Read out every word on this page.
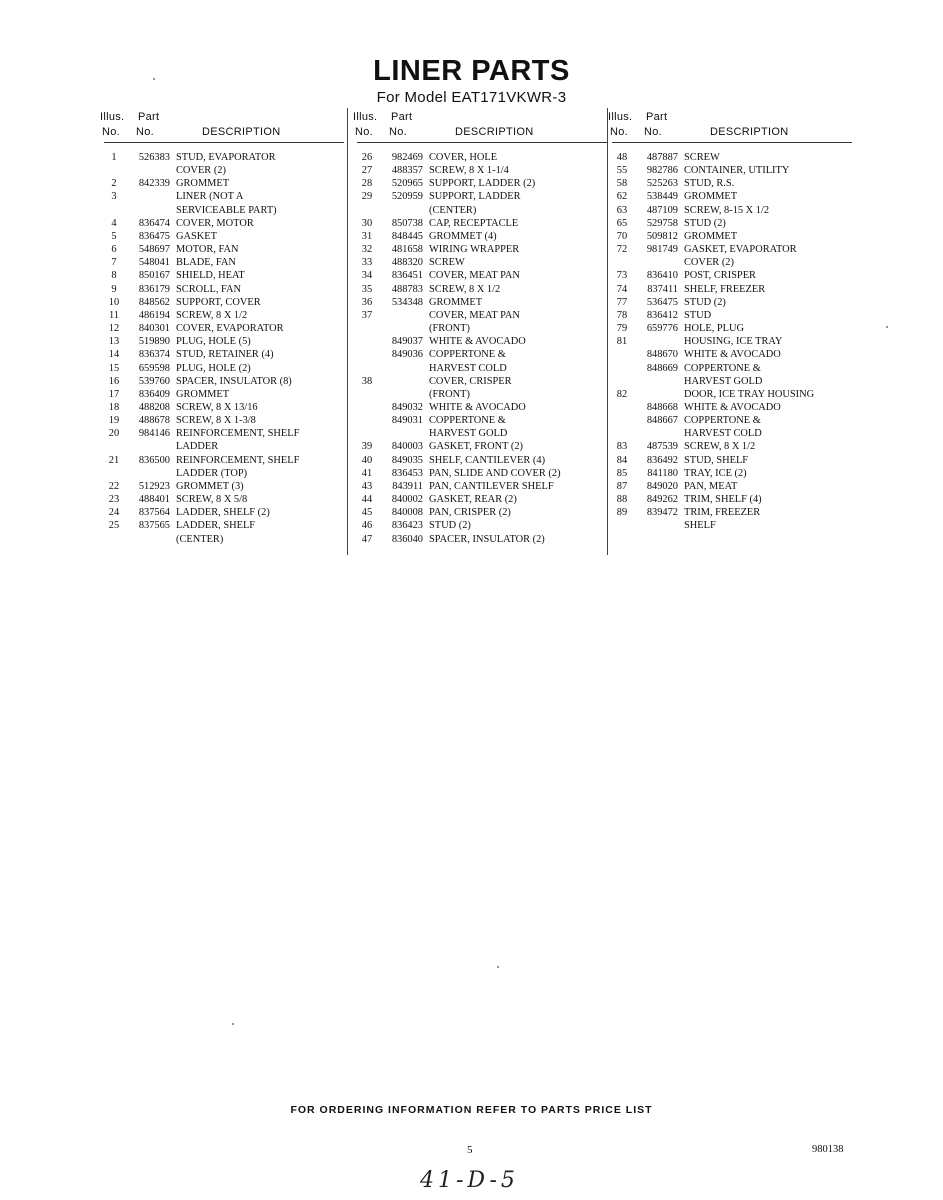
LINER PARTS
For Model EAT171VKWR-3
Illus. Part
No. No.	DESCRIPTION
1	526383 STUD, EVAPORATOR
COVER (2)
2	842339 GROMMET
3	LINER (NOT A
SERVICEABLE PART)
4	836474 COVER, MOTOR
5	836475 GASKET
6	548697 MOTOR, FAN
7	548041 BLADE, FAN
8	850167 SHIELD, HEAT
9	836179 SCROLL, FAN
10	848562 SUPPORT, COVER
11	486194 SCREW, 8 X 1/2
12	840301 COVER, EVAPORATOR
13	519890 PLUG, HOLE (5)
14	836374 STUD, RETAINER (4)
15	659598 PLUG, HOLE (2)
16	539760 SPACER, INSULATOR (8)
17	836409 GROMMET
18	488208 SCREW, 8 X 13/16
19	488678 SCREW, 8 X 1-3/8
20	984146 REINFORCEMENT, SHELF
LADDER
21	836500 REINFORCEMENT, SHELF
LADDER (TOP)
22	512923 GROMMET (3)
23	488401 SCREW, 8 X 5/8
24	837564 LADDER, SHELF (2)
25	837565 LADDER, SHELF
(CENTER)
Illus. Part
No. No.	DESCRIPTION
26	982469 COVER, HOLE
27	488357 SCREW, 8 X 1-1/4
28	520965 SUPPORT, LADDER (2)
29	520959 SUPPORT, LADDER
(CENTER)
30	850738 CAP, RECEPTACLE
31	848445 GROMMET (4)
32	481658 WIRING WRAPPER
33	488320 SCREW
34	836451 COVER, MEAT PAN
35	488783 SCREW, 8 X 1/2
36	534348 GROMMET
37	COVER, MEAT PAN
(FRONT)
849037 WHITE & AVOCADO
849036 COPPERTONE &
HARVEST COLD
38	COVER, CRISPER
(FRONT)
849032 WHITE & AVOCADO
849031 COPPERTONE &
HARVEST GOLD
39	840003 GASKET, FRONT (2)
40	849035 SHELF, CANTILEVER (4)
41	836453 PAN, SLIDE AND COVER (2)
43	843911 PAN, CANTILEVER SHELF
44	840002 GASKET, REAR (2)
45	840008 PAN, CRISPER (2)
46	836423 STUD (2)
47	836040 SPACER, INSULATOR (2)
Illus. Part
No. No.	DESCRIPTION
48	487887 SCREW
55	982786 CONTAINER, UTILITY
58	525263 STUD, R.S.
62	538449 GROMMET
63	487109 SCREW, 8-15 X 1/2
65	529758 STUD (2)
70	509812 GROMMET
72	981749 GASKET, EVAPORATOR
COVER (2)
73	836410 POST, CRISPER
74	837411 SHELF, FREEZER
77	536475 STUD (2)
78	836412 STUD
79	659776 HOLE, PLUG
81	HOUSING, ICE TRAY
848670 WHITE & AVOCADO
848669 COPPERTONE &
HARVEST GOLD
82	DOOR, ICE TRAY HOUSING
848668 WHITE & AVOCADO
848667 COPPERTONE &
HARVEST COLD
83	487539 SCREW, 8 X 1/2
84	836492 STUD, SHELF
85	841180 TRAY, ICE (2)
87	849020 PAN, MEAT
88	849262 TRIM, SHELF (4)
89	839472 TRIM, FREEZER
SHELF
FOR ORDERING INFORMATION REFER TO PARTS PRICE LIST
5	980138
41-D-5
